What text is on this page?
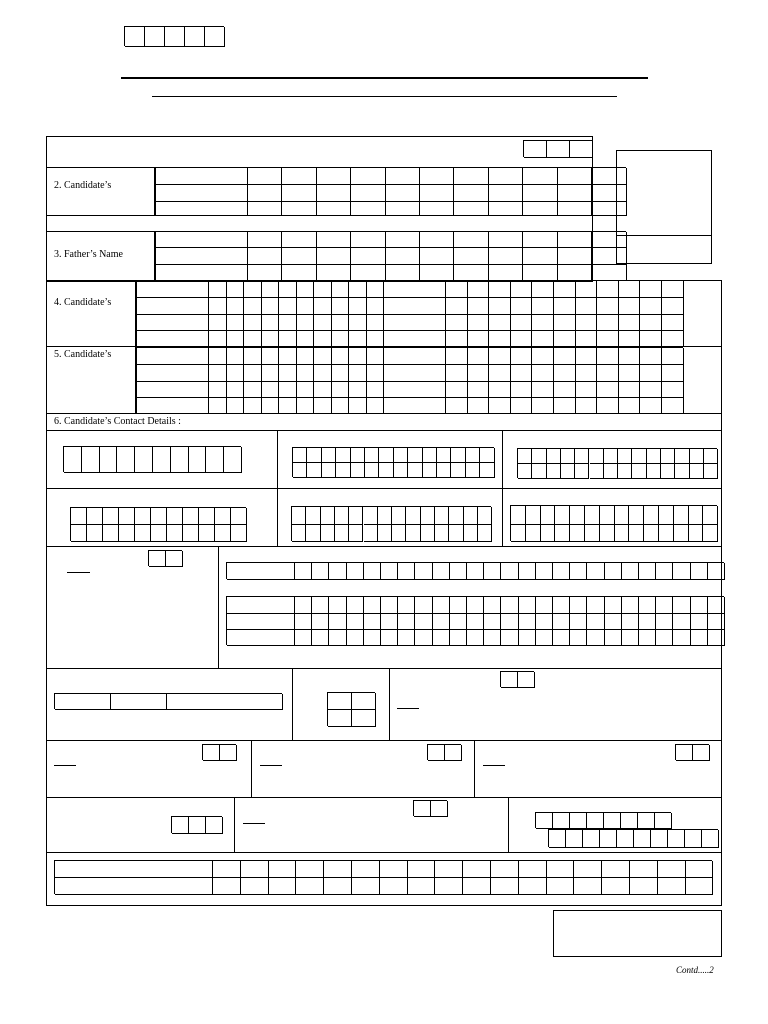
2. Candidate’s
3. Father’s Name
4. Candidate’s
5. Candidate’s
6. Candidate’s Contact Details :
Contd.....2
